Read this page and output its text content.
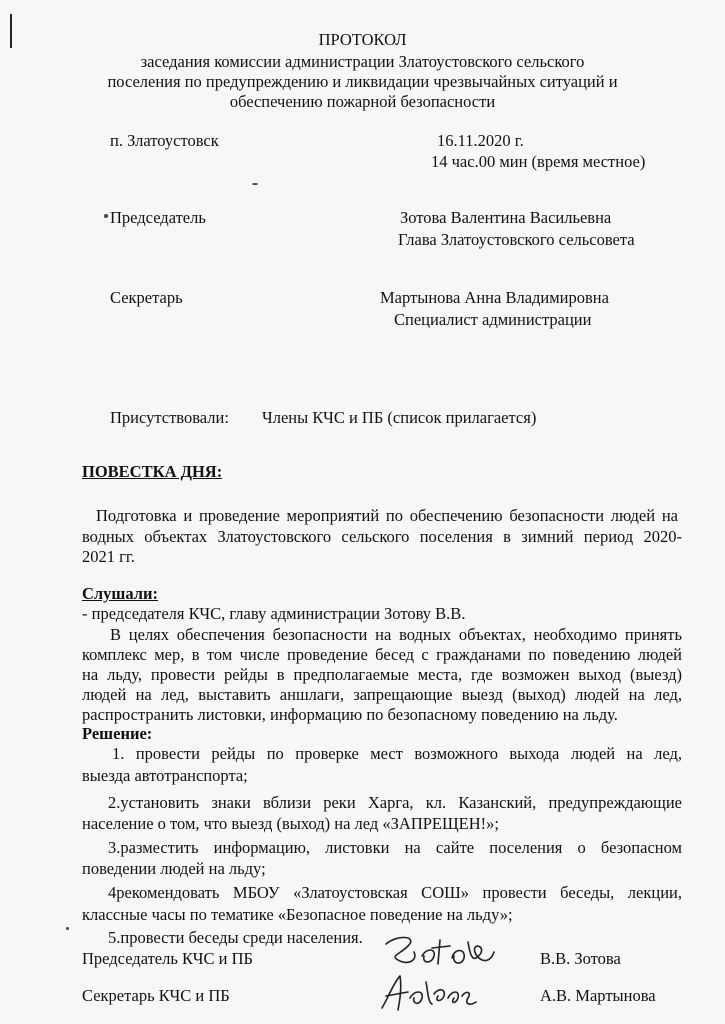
ПРОТОКОЛ
заседания комиссии администрации Златоустовского сельского
поселения по предупреждению и ликвидации чрезвычайных ситуаций и
обеспечению пожарной безопасности
п. Златоустовск	16.11.2020 г.
14 час.00 мин (время местное)
Председатель	Зотова Валентина Васильевна
Глава Златоустовского сельсовета
Секретарь	Мартынова Анна Владимировна
Специалист администрации
Присутствовали: Члены КЧС и ПБ (список прилагается)
ПОВЕСТКА ДНЯ:
Подготовка и проведение мероприятий по обеспечению безопасности людей на
водных объектах Златоустовского сельского поселения в зимний период 2020-
2021 гг.
Слушали:
- председателя КЧС, главу администрации Зотову В.В.
В целях обеспечения безопасности на водных объектах, необходимо принять
комплекс мер, в том числе проведение бесед с гражданами по поведению людей
на льду, провести рейды в предполагаемые места, где возможен выход (выезд)
людей на лед, выставить аншлаги, запрещающие выезд (выход) людей на лед,
распространить листовки, информацию по безопасному поведению на льду.
Решение:
1. провести рейды по проверке мест возможного выхода людей на лед,
выезда автотранспорта;
2.установить знаки вблизи реки Харга, кл. Казанский, предупреждающие
население о том, что выезд (выход) на лед «ЗАПРЕЩЕН!»;
3.разместить информацию, листовки на сайте поселения о безопасном
поведении людей на льду;
4рекомендовать МБОУ «Златоустовская СОШ» провести беседы, лекции,
классные часы по тематике «Безопасное поведение на льду»;
5.провести беседы среди населения.
Председатель КЧС и ПБ	В.В. Зотова
Секретарь КЧС и ПБ	А.В. Мартынова
